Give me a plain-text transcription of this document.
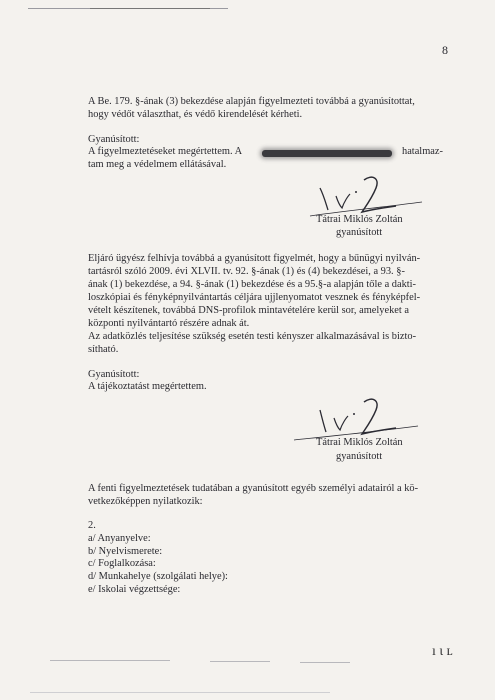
8
A Be. 179. §-ának (3) bekezdése alapján figyelmezteti továbbá a gyanúsítottat,
hogy védőt választhat, és védő kirendelését kérheti.
Gyanúsított:
A figyelmeztetéseket megértettem. A	hatalmaz-
tam meg a védelmem ellátásával.
Tátrai Miklós Zoltán
gyanúsított
Eljáró ügyész felhívja továbbá a gyanúsított figyelmét, hogy a bűnügyi nyilván-
tartásról szóló 2009. évi XLVII. tv. 92. §-ának (1) és (4) bekezdései, a 93. §-
ának (1) bekezdése, a 94. §-ának (1) bekezdése és a 95.§-a alapján tőle a dakti-
loszkópiai és fényképnyilvántartás céljára ujjlenyomatot vesznek és fényképfel-
vételt készítenek, továbbá DNS-profilok mintavételére kerül sor, amelyeket a
központi nyilvántartó részére adnak át.
Az adatközlés teljesítése szükség esetén testi kényszer alkalmazásával is bizto-
sítható.
Gyanúsított:
A tájékoztatást megértettem.
Tátrai Miklós Zoltán
gyanúsított
A fenti figyelmeztetések tudatában a gyanúsított egyéb személyi adatairól a kö-
vetkezőképpen nyilatkozik:
2.
a/ Anyanyelve:
b/ Nyelvismerete:
c/ Foglalkozása:
d/ Munkahelye (szolgálati helye):
e/ Iskolai végzettsége:
ı ι ʟ
